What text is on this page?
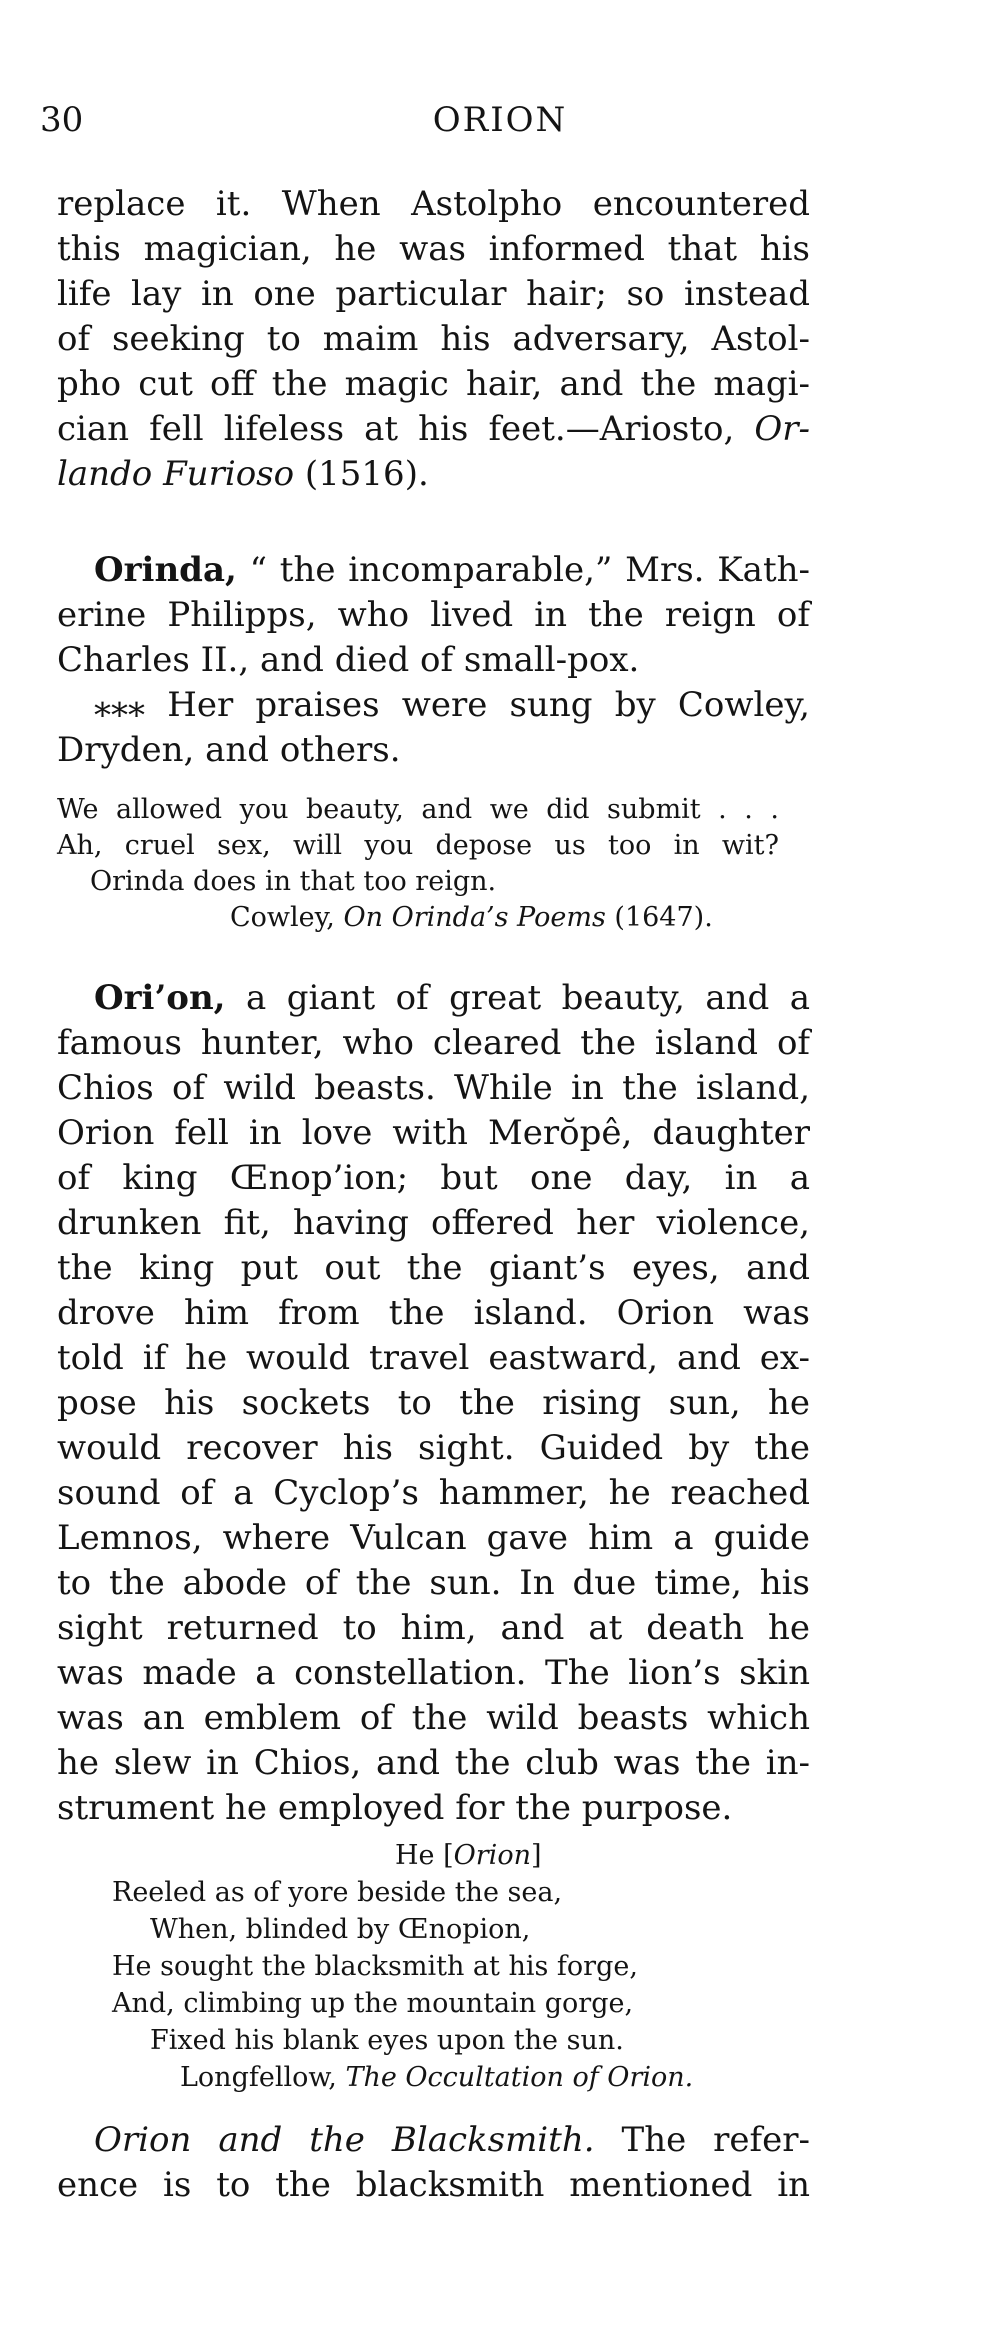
30	ORION
replace it. When Astolpho encountered
this magician, he was informed that his
life lay in one particular hair; so instead
of seeking to maim his adversary, Astol-
pho cut off the magic hair, and the magi-
cian fell lifeless at his feet.—Ariosto, Or-
lando Furioso (1516).
Orinda, “ the incomparable,” Mrs. Kath-
erine Philipps, who lived in the reign of
Charles II., and died of small-pox.
⁎⁎⁎ Her praises were sung by Cowley,
Dryden, and others.
We allowed you beauty, and we did submit . . .
Ah, cruel sex, will you depose us too in wit?
Orinda does in that too reign.
Cowley, On Orinda’s Poems (1647).
Ori’on, a giant of great beauty, and a
famous hunter, who cleared the island of
Chios of wild beasts. While in the island,
Orion fell in love with Merŏpê, daughter
of king Œnop’ion; but one day, in a
drunken fit, having offered her violence,
the king put out the giant’s eyes, and
drove him from the island. Orion was
told if he would travel eastward, and ex-
pose his sockets to the rising sun, he
would recover his sight. Guided by the
sound of a Cyclop’s hammer, he reached
Lemnos, where Vulcan gave him a guide
to the abode of the sun. In due time, his
sight returned to him, and at death he
was made a constellation. The lion’s skin
was an emblem of the wild beasts which
he slew in Chios, and the club was the in-
strument he employed for the purpose.
He [Orion]
Reeled as of yore beside the sea,
When, blinded by Œnopion,
He sought the blacksmith at his forge,
And, climbing up the mountain gorge,
Fixed his blank eyes upon the sun.
Longfellow, The Occultation of Orion.
Orion and the Blacksmith. The refer-
ence is to the blacksmith mentioned in
